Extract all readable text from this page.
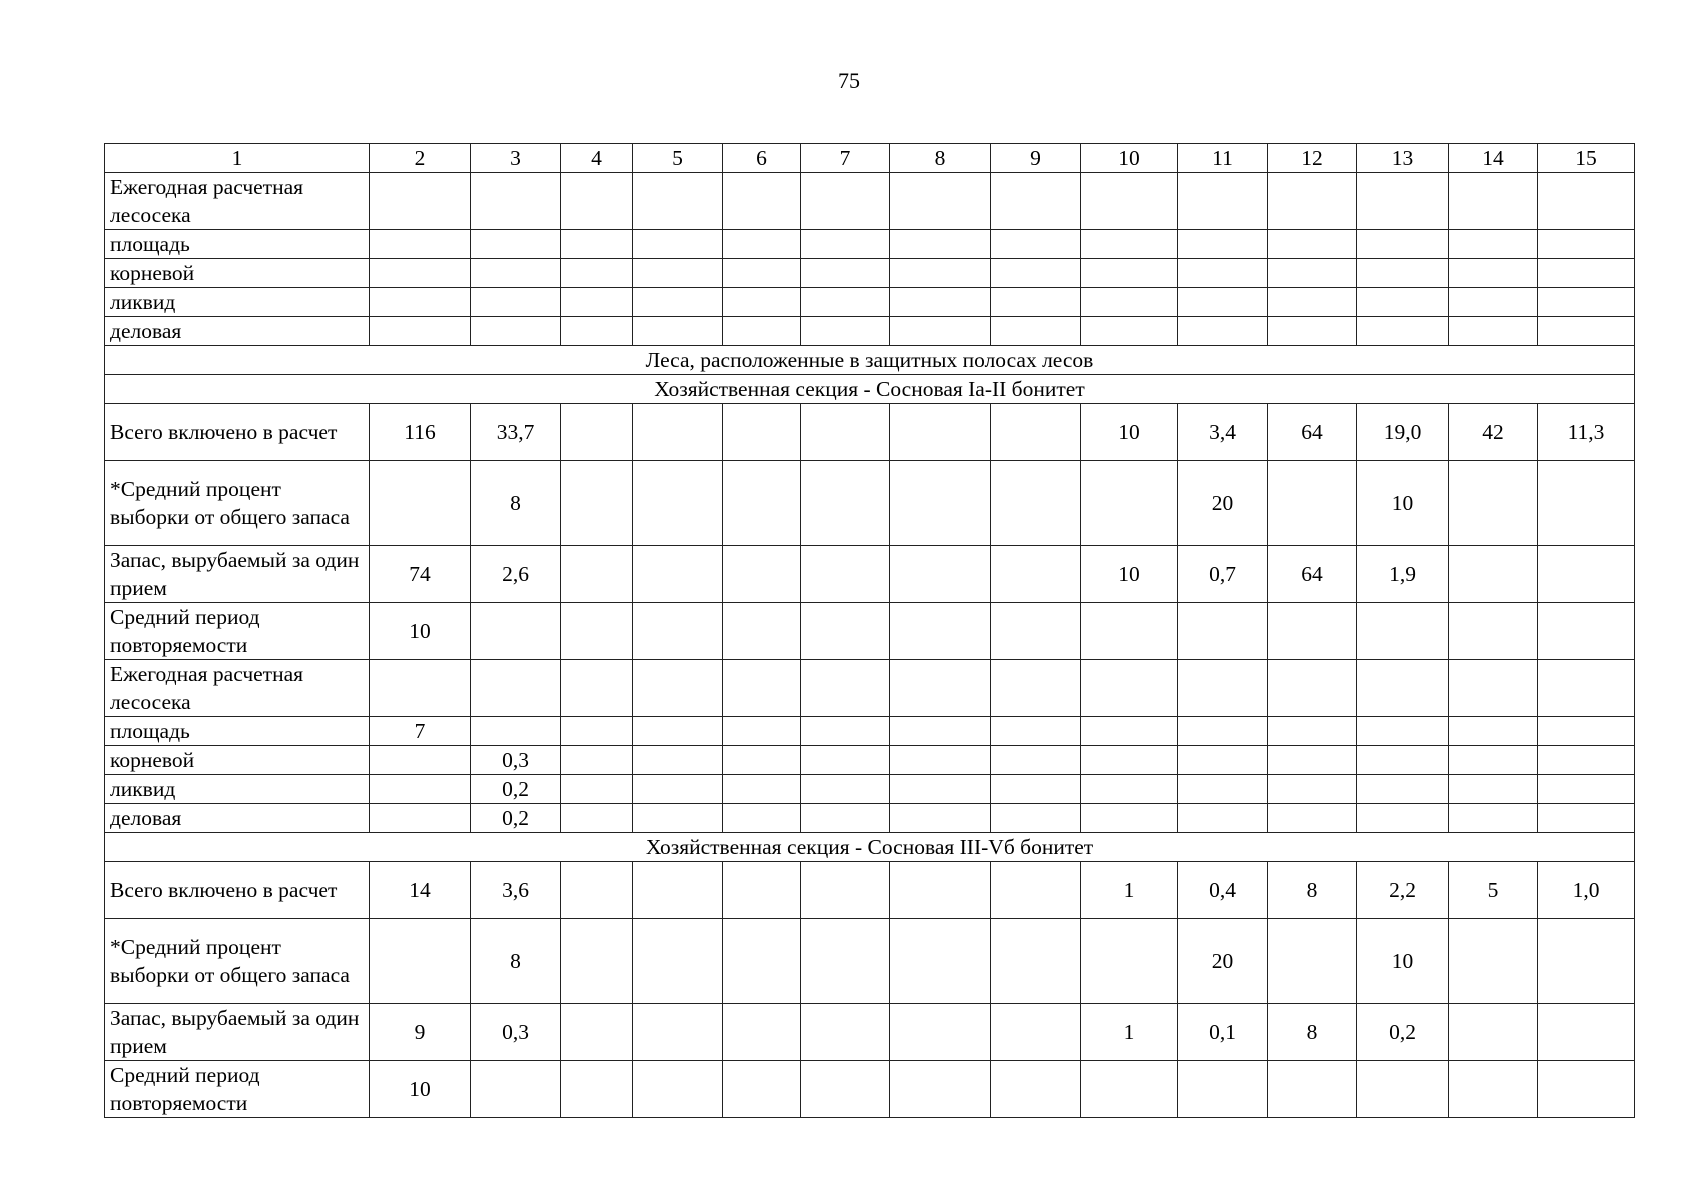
75
1	2	3	4	5	6	7	8	9	10	11	12	13	14	15
Ежегодная расчетная лесосека														
площадь														
корневой														
ликвид														
деловая														
Леса, расположенные в защитных полосах лесов														
Хозяйственная секция - Сосновая Iа-II бонитет														
Всего включено в расчет	116	33,7							10	3,4	64	19,0	42	11,3
*Средний процент выборки от общего запаса		8								20		10		
Запас, вырубаемый за один прием	74	2,6							10	0,7	64	1,9		
Средний период повторяемости	10													
Ежегодная расчетная лесосека														
площадь	7													
корневой		0,3												
ликвид		0,2												
деловая		0,2												
Хозяйственная секция - Сосновая III-Vб бонитет														
Всего включено в расчет	14	3,6							1	0,4	8	2,2	5	1,0
*Средний процент выборки от общего запаса		8								20		10		
Запас, вырубаемый за один прием	9	0,3							1	0,1	8	0,2		
Средний период повторяемости	10													
